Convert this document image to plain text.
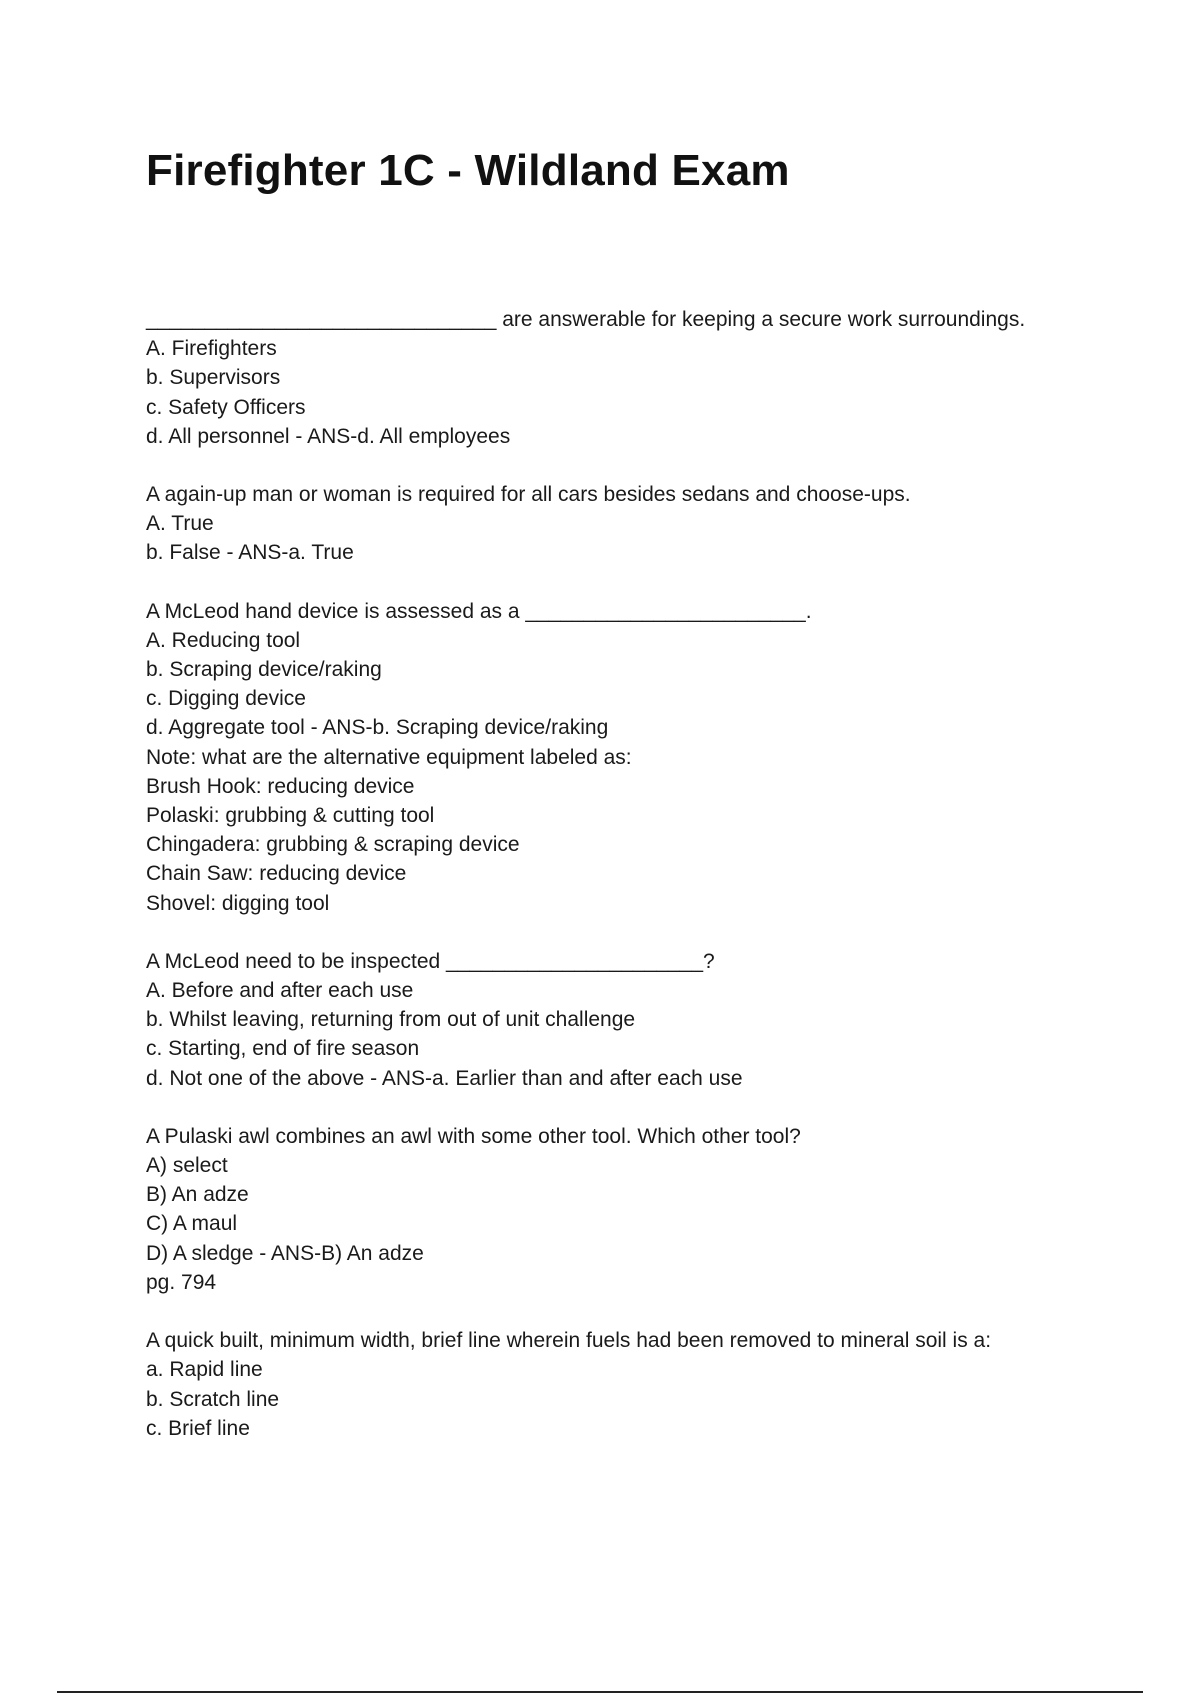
Firefighter 1C - Wildland Exam

______________________________ are answerable for keeping a secure work surroundings.

A. Firefighters

b. Supervisors

c. Safety Officers

d. All personnel - ANS-d. All employees

A again-up man or woman is required for all cars besides sedans and choose-ups.

A. True

b. False - ANS-a. True

A McLeod hand device is assessed as a ________________________.

A. Reducing tool

b. Scraping device/raking

c. Digging device

d. Aggregate tool - ANS-b. Scraping device/raking

Note: what are the alternative equipment labeled as:

Brush Hook: reducing device

Polaski: grubbing & cutting tool

Chingadera: grubbing & scraping device

Chain Saw: reducing device

Shovel: digging tool

A McLeod need to be inspected ______________________?

A. Before and after each use

b. Whilst leaving, returning from out of unit challenge

c. Starting, end of fire season

d. Not one of the above - ANS-a. Earlier than and after each use

A Pulaski awl combines an awl with some other tool. Which other tool?

A) select

B) An adze

C) A maul

D) A sledge - ANS-B) An adze

pg. 794

A quick built, minimum width, brief line wherein fuels had been removed to mineral soil is a:

a. Rapid line

b. Scratch line

c. Brief line
